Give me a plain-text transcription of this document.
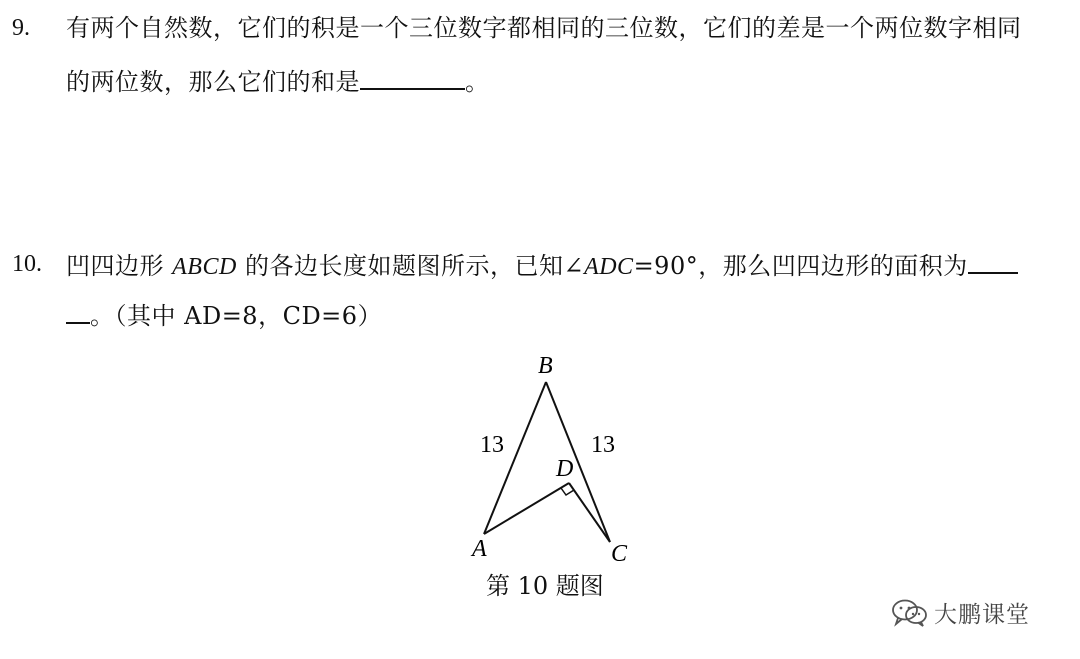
9. 有两个自然数，它们的积是一个三位数字都相同的三位数，它们的差是一个两位数字相同
的两位数，那么它们的和是	。
10. 凹四边形 ABCD 的各边长度如题图所示，已知∠ADC=90°，那么凹四边形的面积为
。（其中 AD=8，CD=6）
B
D
A	C
13	13
第 10 题图
大鹏课堂
